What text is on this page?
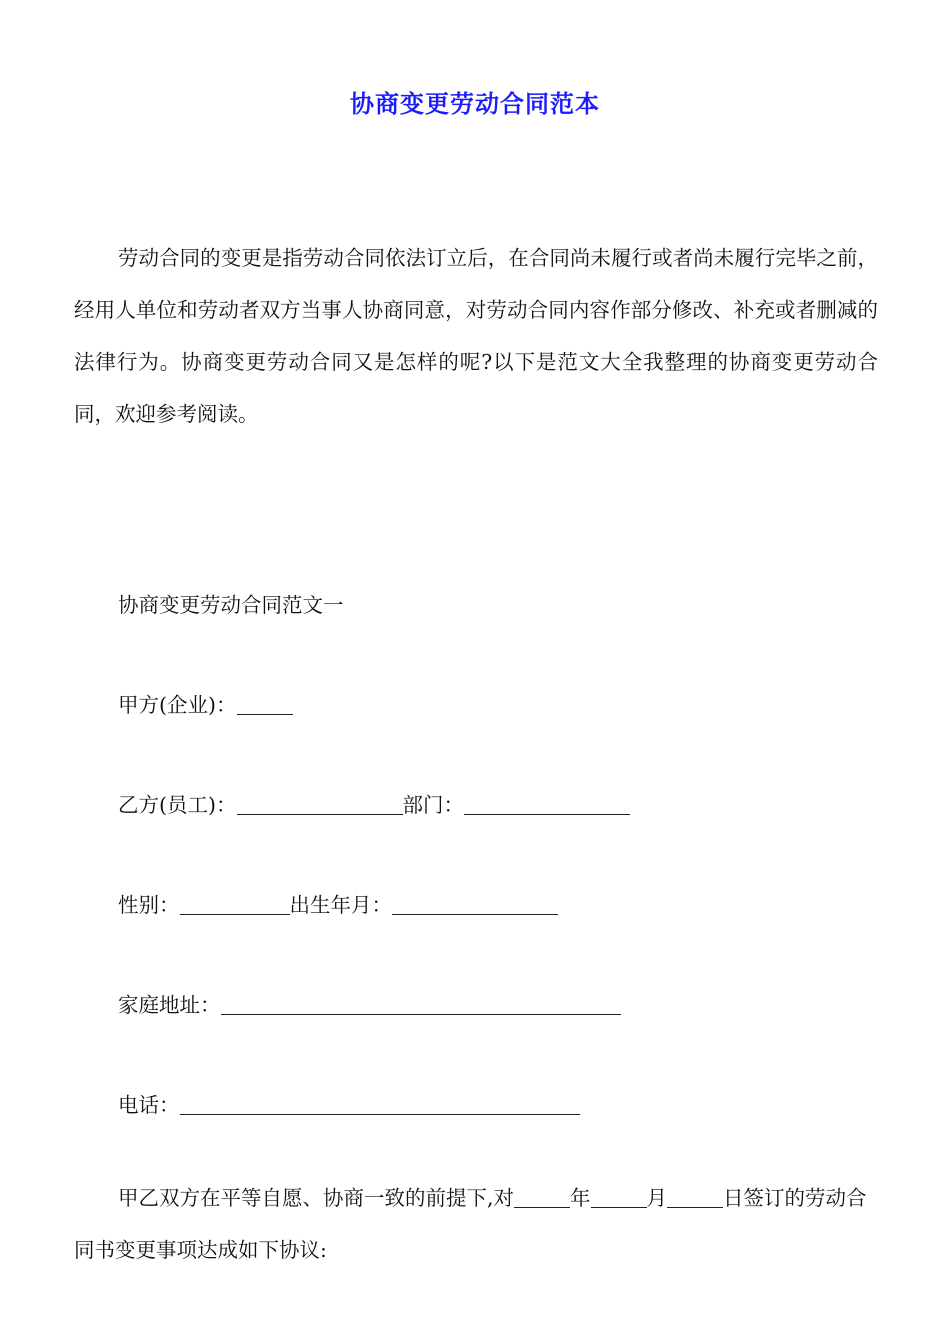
协商变更劳动合同范本

劳动合同的变更是指劳动合同依法订立后，在合同尚未履行或者尚未履行完毕之前，经用人单位和劳动者双方当事人协商同意，对劳动合同内容作部分修改、补充或者删减的法律行为。协商变更劳动合同又是怎样的呢?以下是范文大全我整理的协商变更劳动合同，欢迎参考阅读。

协商变更劳动合同范文一

甲方(企业)：

乙方(员工)：	部门：

性别：	出生年月：

家庭地址：

电话：

甲乙双方在平等自愿、协商一致的前提下,对	年	月	日签订的劳动合同书变更事项达成如下协议:
